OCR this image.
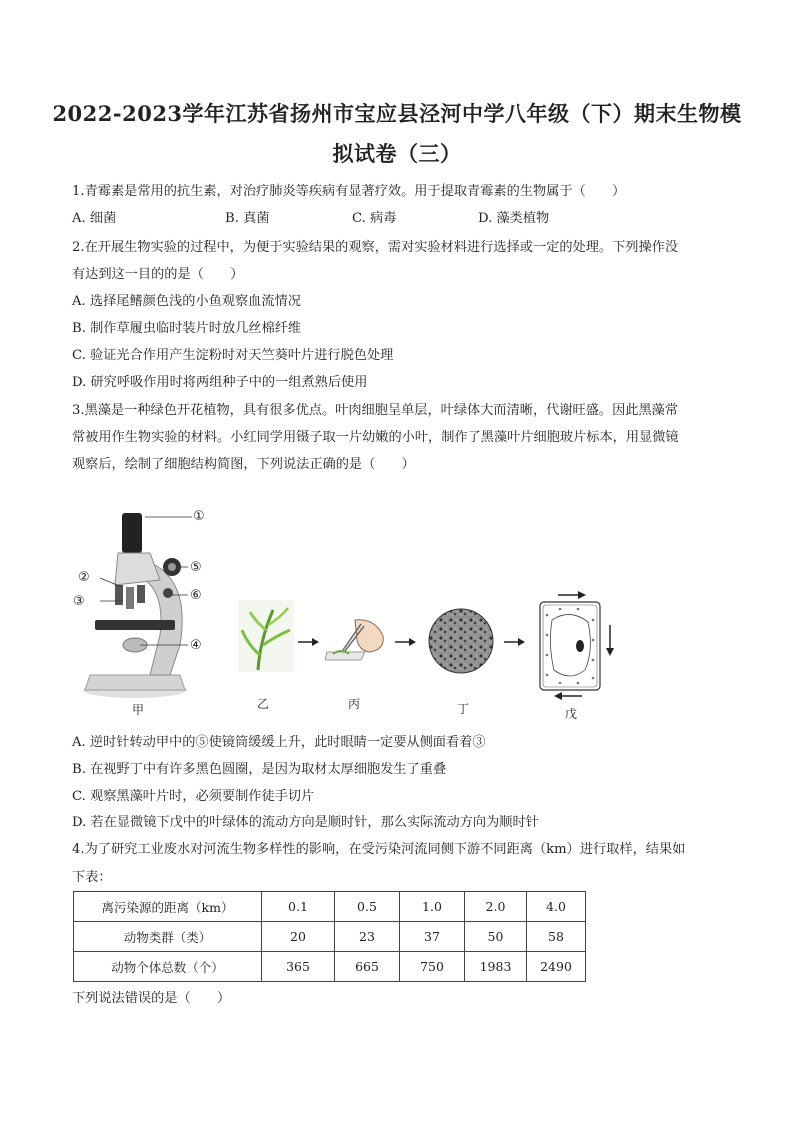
2022-2023学年江苏省扬州市宝应县泾河中学八年级（下）期末生物模
拟试卷（三）
1.青霉素是常用的抗生素，对治疗肺炎等疾病有显著疗效。用于提取青霉素的生物属于（　　）
A. 细菌	B. 真菌	C. 病毒	D. 藻类植物
2.在开展生物实验的过程中，为便于实验结果的观察，需对实验材料进行选择或一定的处理。下列操作没
有达到这一目的的是（　　）
A. 选择尾鳍颜色浅的小鱼观察血流情况
B. 制作草履虫临时装片时放几丝棉纤维
C. 验证光合作用产生淀粉时对天竺葵叶片进行脱色处理
D. 研究呼吸作用时将两组种子中的一组煮熟后使用
3.黑藻是一种绿色开花植物，具有很多优点。叶肉细胞呈单层，叶绿体大而清晰，代谢旺盛。因此黑藻常
常被用作生物实验的材料。小红同学用镊子取一片幼嫩的小叶，制作了黑藻叶片细胞玻片标本，用显微镜
观察后，绘制了细胞结构简图，下列说法正确的是（　　）
①
②
③
④
⑤
⑥
甲	乙	丙	丁	戊
A. 逆时针转动甲中的⑤使镜筒缓缓上升，此时眼睛一定要从侧面看着③
B. 在视野丁中有许多黑色圆圈，是因为取材太厚细胞发生了重叠
C. 观察黑藻叶片时，必须要制作徒手切片
D. 若在显微镜下戊中的叶绿体的流动方向是顺时针，那么实际流动方向为顺时针
4.为了研究工业废水对河流生物多样性的影响，在受污染河流同侧下游不同距离（km）进行取样，结果如
下表：
离污染源的距离（km）	0.1	0.5	1.0	2.0	4.0
动物类群（类）	20	23	37	50	58
动物个体总数（个）	365	665	750	1983	2490
下列说法错误的是（　　）
